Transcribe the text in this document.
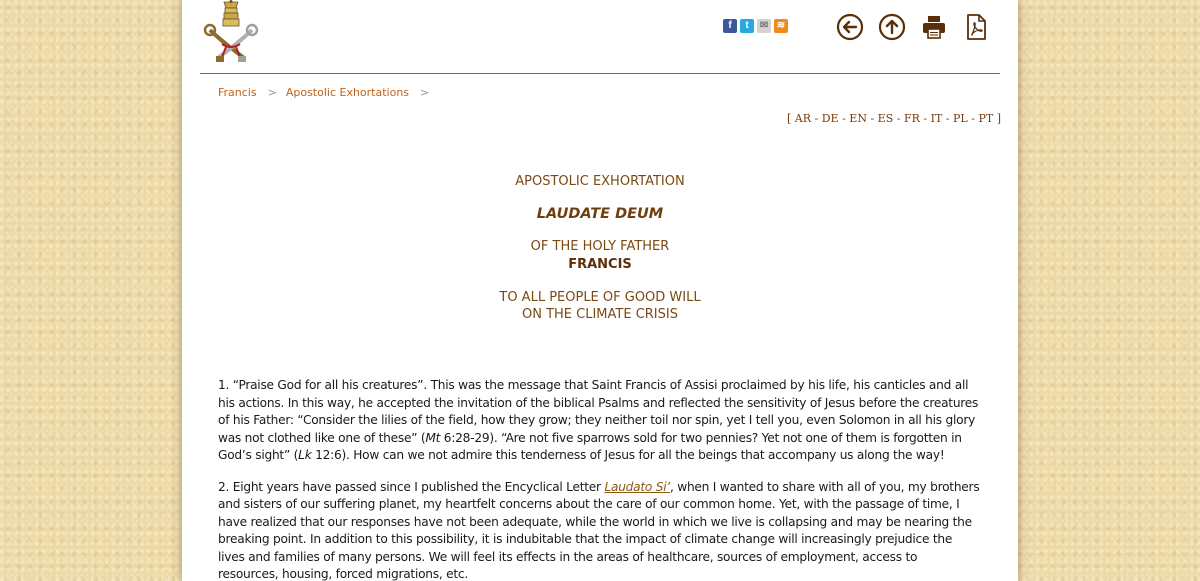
f	t	✉ ≋
Francis > Apostolic Exhortations >
[ AR - DE - EN - ES - FR - IT - PL - PT ]

APOSTOLIC EXHORTATION

LAUDATE DEUM

OF THE HOLY FATHER

FRANCIS

TO ALL PEOPLE OF GOOD WILL

ON THE CLIMATE CRISIS

1. “Praise God for all his creatures”. This was the message that Saint Francis of Assisi proclaimed by his life, his canticles and all his actions. In this way, he accepted the invitation of the biblical Psalms and reflected the sensitivity of Jesus before the creatures of his Father: “Consider the lilies of the field, how they grow; they neither toil nor spin, yet I tell you, even Solomon in all his glory was not clothed like one of these” (Mt 6:28-29). “Are not five sparrows sold for two pennies? Yet not one of them is forgotten in God’s sight” (Lk 12:6). How can we not admire this tenderness of Jesus for all the beings that accompany us along the way!

2. Eight years have passed since I published the Encyclical Letter Laudato Si’, when I wanted to share with all of you, my brothers and sisters of our suffering planet, my heartfelt concerns about the care of our common home. Yet, with the passage of time, I have realized that our responses have not been adequate, while the world in which we live is collapsing and may be nearing the breaking point. In addition to this possibility, it is indubitable that the impact of climate change will increasingly prejudice the lives and families of many persons. We will feel its effects in the areas of healthcare, sources of employment, access to resources, housing, forced migrations, etc.
